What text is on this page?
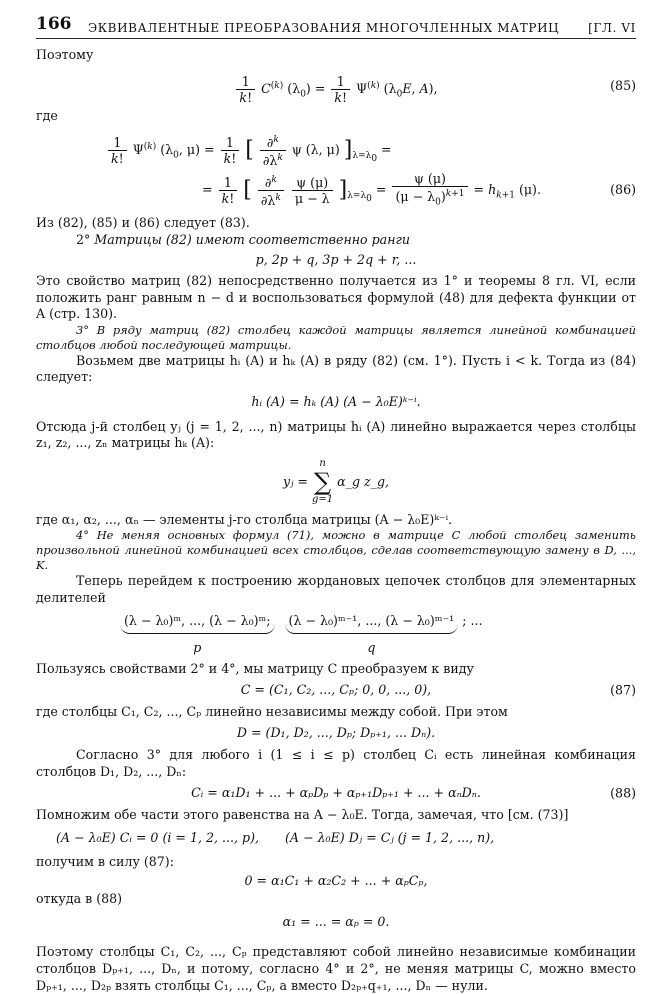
166 ЭКВИВАЛЕНТНЫЕ ПРЕОБРАЗОВАНИЯ МНОГОЧЛЕННЫХ МАТРИЦ [ГЛ. VI

Поэтому

$\frac{1}{k!} C^{(k)}$ $(\lambda_0) = \frac{1}{k!} \Psi^{(k)}$ ($\lambda_0E$, A),	(85)

где

$\frac{1}{k!} \Psi^{(k)}$ ($\lambda_0$, $\mu) = \frac{1}{k!}$ [ $\frac{\partial^k}{\partial\lambda^k}$ ψ (λ, μ) ]$_{\lambda=\lambda_0}$ =
= $\frac{1}{k!}$ [ $\frac{\partial^k}{\partial\lambda^k}$
$\frac{\psi (\mu)}{\mu - \lambda} ]_{\lambda=\lambda_0} = \frac{\psi (\mu)}{(\mu - \lambda_0)^{k+1}} = h_{k+1}$ (μ).	(86)

Из (82), (85) и (86) следует (83).

2° Матрицы (82) имеют соответственно ранги

p, 2p + q, 3p + 2q + r, ...

Это свойство матриц (82) непосредственно получается из 1° и теоремы 8 гл. VI, если положить ранг равным n − d и воспользоваться формулой (48) для дефекта функции от A (стр. 130).

3° В ряду матриц (82) столбец каждой матрицы является линейной комбинацией столбцов любой последующей матрицы.

Возьмем две матрицы hᵢ (A) и hₖ (A) в ряду (82) (см. 1°). Пусть i < k. Тогда из (84) следует:

hᵢ (A) = hₖ (A) (A − λ₀E)ᵏ⁻ⁱ.

Отсюда j-й столбец yⱼ (j = 1, 2, ..., n) матрицы hᵢ (A) линейно выражается через столбцы z₁, z₂, ..., zₙ матрицы hₖ (A):

yⱼ =
n
∑
g=1
α_g z_g,

где α₁, α₂, ..., αₙ — элементы j-го столбца матрицы (A − λ₀E)ᵏ⁻ⁱ.

4° Не меняя основных формул (71), можно в матрице C любой столбец заменить произвольной линейной комбинацией всех столбцов, сделав соответствующую замену в D, ..., K.

Теперь перейдем к построению жордановых цепочек столбцов для элементарных делителей

$\frac{\text{(λ − λ₀)ᵐ, ..., (λ − λ₀)ᵐ;}}{p}$
$\frac{\text{(λ − λ₀)ᵐ⁻¹, ..., (λ − λ₀)ᵐ⁻¹}}{q}$ ; ...

Пользуясь свойствами 2° и 4°, мы матрицу C преобразуем к виду

C = (C₁, C₂, ..., Cₚ; 0, 0, ..., 0),	(87)

где столбцы C₁, C₂, ..., Cₚ линейно независимы между собой. При этом

D = (D₁, D₂, ..., Dₚ; Dₚ₊₁, ... Dₙ).

Согласно 3° для любого i (1 ≤ i ≤ p) столбец Cᵢ есть линейная комбинация столбцов D₁, D₂, ..., Dₙ:

Cᵢ = α₁D₁ + ... + αₚDₚ + αₚ₊₁Dₚ₊₁ + ... + αₙDₙ.	(88)

Помножим обе части этого равенства на A − λ₀E. Тогда, замечая, что [см. (73)]

(A − λ₀E) Cᵢ = 0 (i = 1, 2, ..., p), (A − λ₀E) Dⱼ = Cⱼ (j = 1, 2, ..., n),

получим в силу (87):

0 = α₁C₁ + α₂C₂ + ... + αₚCₚ,

откуда в (88)

α₁ = ... = αₚ = 0.

Поэтому столбцы C₁, C₂, ..., Cₚ представляют собой линейно независимые комбинации столбцов Dₚ₊₁, ..., Dₙ, и потому, согласно 4° и 2°, не меняя матрицы C, можно вместо Dₚ₊₁, ..., D₂ₚ взять столбцы C₁, ..., Cₚ, а вместо D₂ₚ₊q₊₁, ..., Dₙ — нули.
